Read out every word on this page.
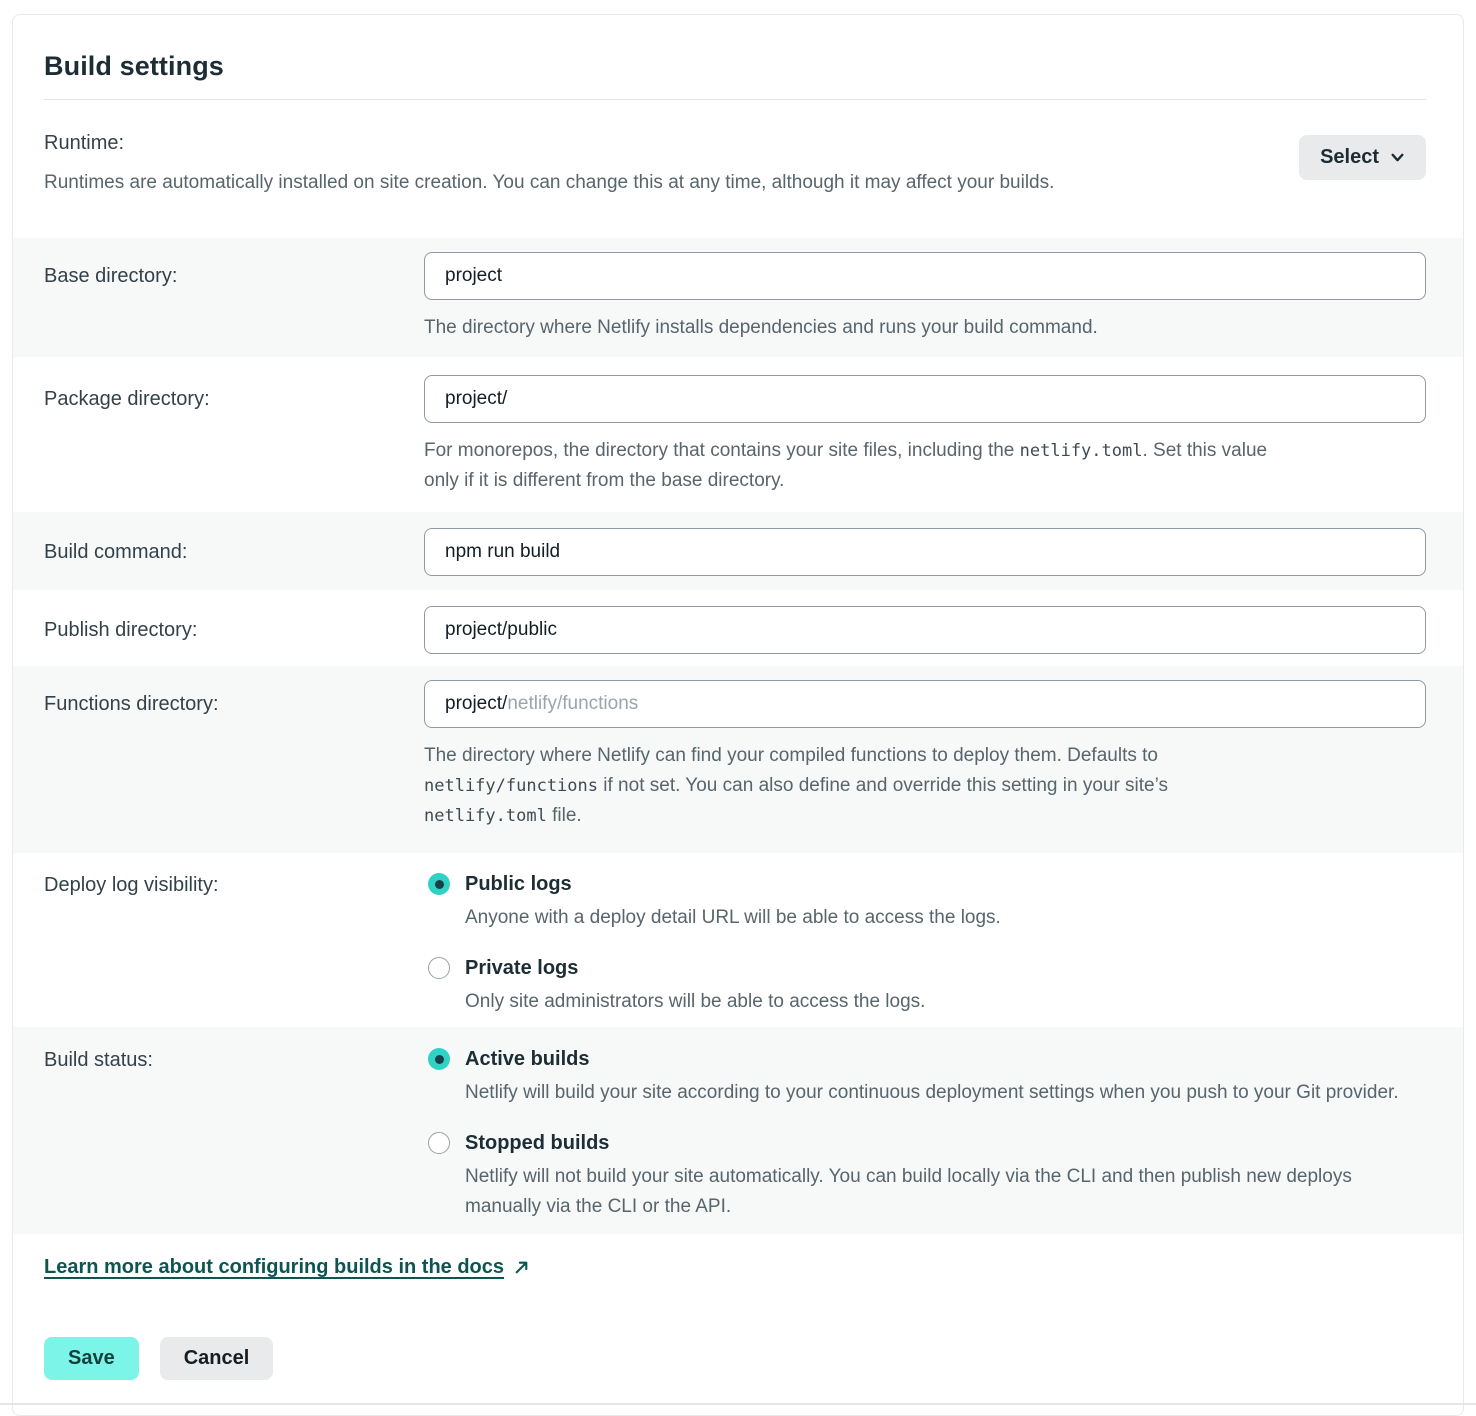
Build settings
Runtime:
Runtimes are automatically installed on site creation. You can change this at any time, although it may affect your builds.
Select
Base directory:
project

The directory where Netlify installs dependencies and runs your build command.

Package directory:
project/

For monorepos, the directory that contains your site files, including the netlify.toml. Set this value
only if it is different from the base directory.

Build command:
npm run build
Publish directory:
project/public
Functions directory:	project/ netlify/functions

The directory where Netlify can find your compiled functions to deploy them. Defaults to
netlify/functions if not set. You can also define and override this setting in your site’s
netlify.toml file.

Deploy log visibility:	Public logs
Anyone with a deploy detail URL will be able to access the logs.
Private logs
Only site administrators will be able to access the logs.
Build status:	Active builds
Netlify will build your site according to your continuous deployment settings when you push to your Git provider.
Stopped builds
Netlify will not build your site automatically. You can build locally via the CLI and then publish new deploys
manually via the CLI or the API.
Learn more about configuring builds in the docs
Save	Cancel
